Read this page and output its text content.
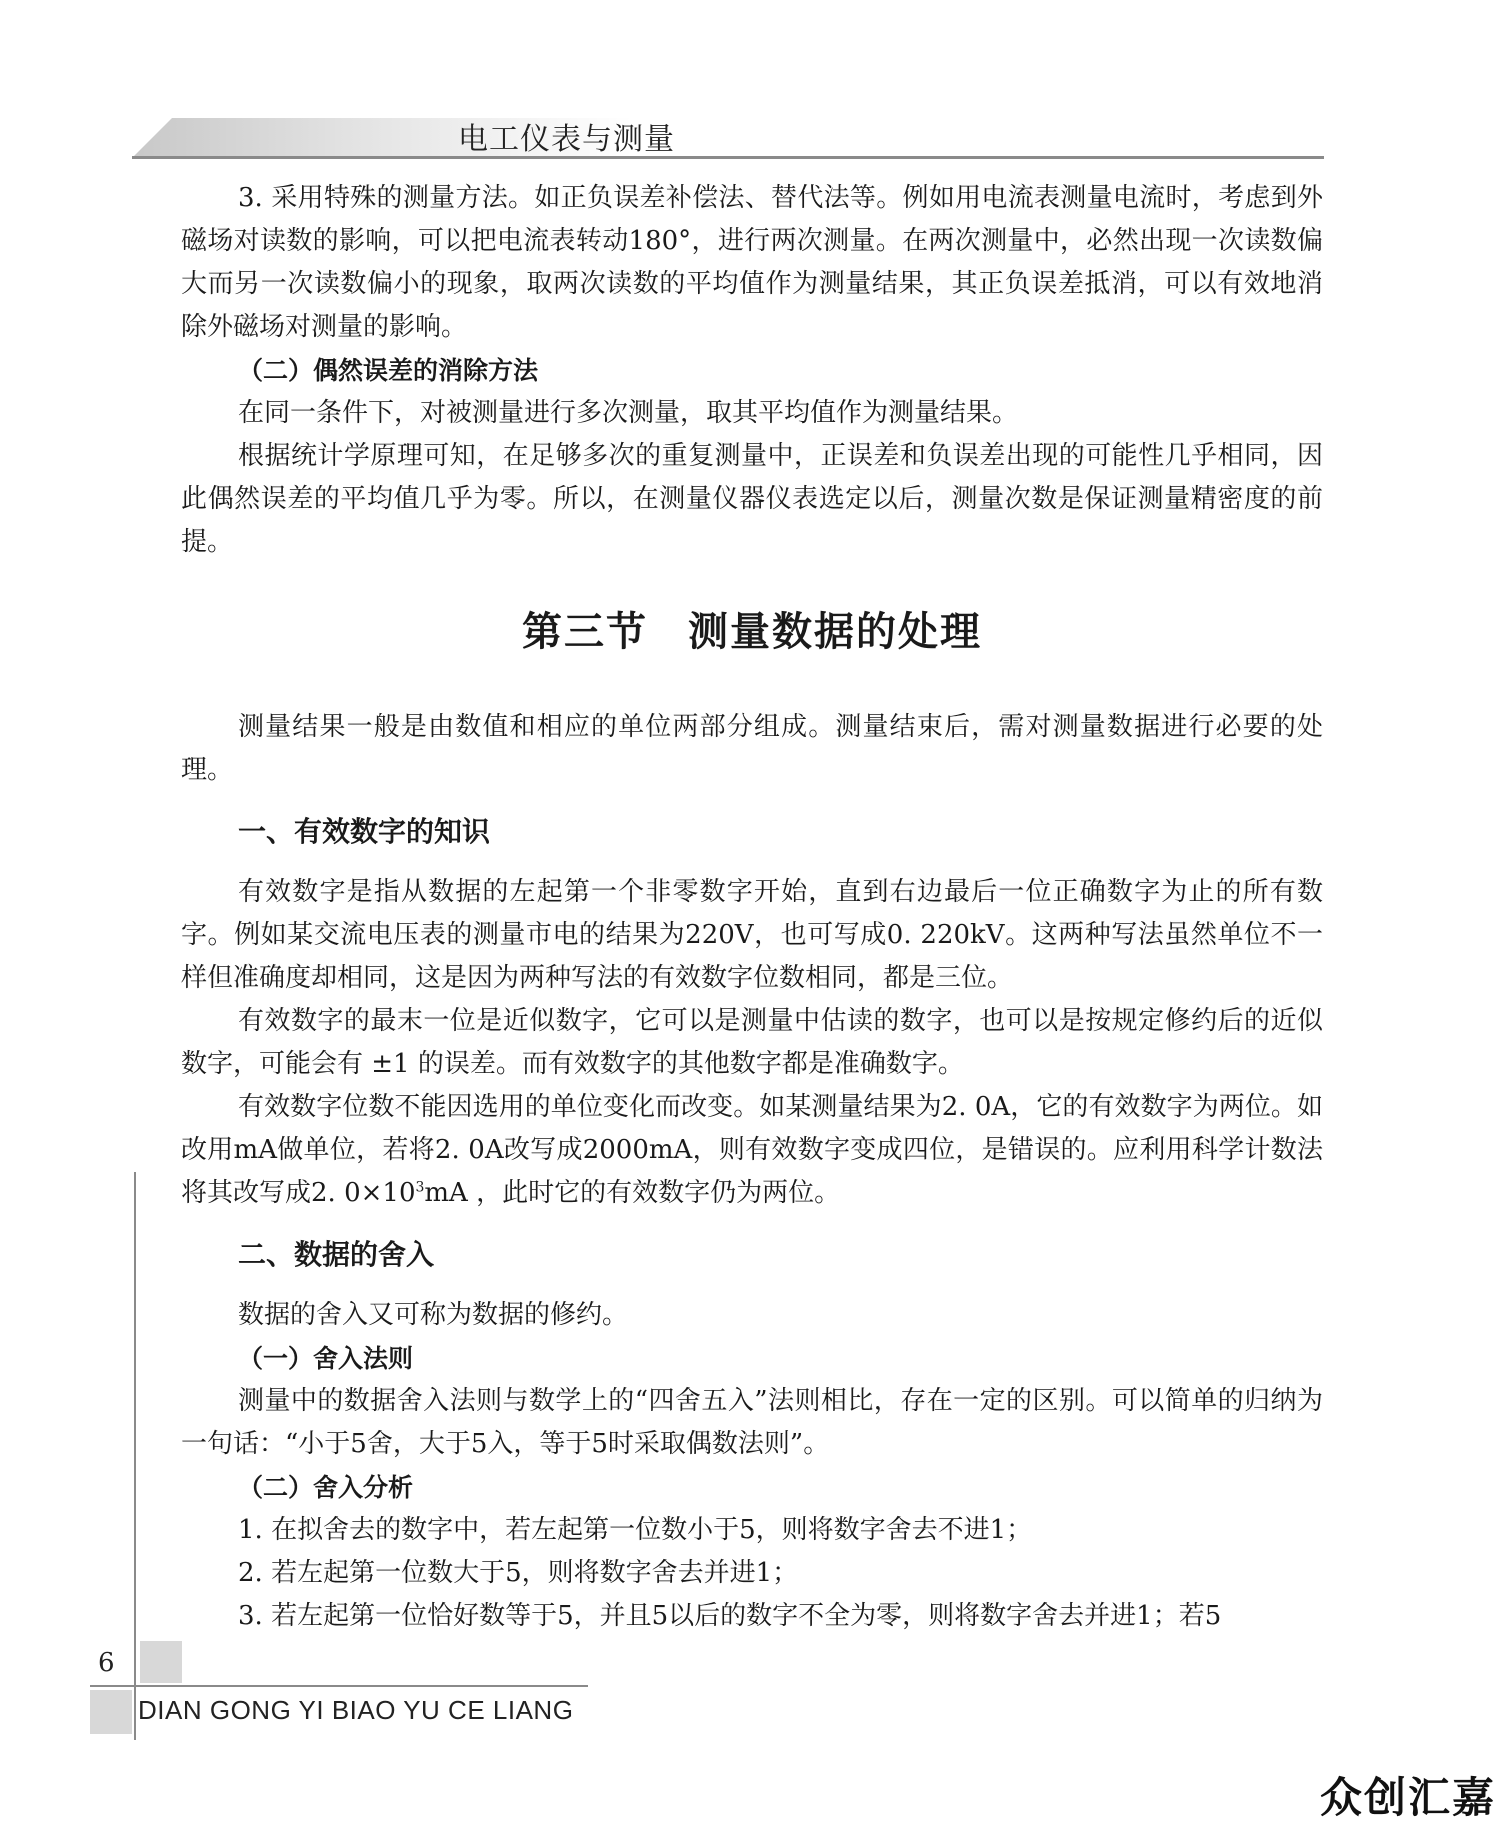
电工仪表与测量

3. 采用特殊的测量方法。如正负误差补偿法、替代法等。例如用电流表测量电流时，考虑到外磁场对读数的影响，可以把电流表转动180°，进行两次测量。在两次测量中，必然出现一次读数偏大而另一次读数偏小的现象，取两次读数的平均值作为测量结果，其正负误差抵消，可以有效地消除外磁场对测量的影响。

（二）偶然误差的消除方法

在同一条件下，对被测量进行多次测量，取其平均值作为测量结果。

根据统计学原理可知，在足够多次的重复测量中，正误差和负误差出现的可能性几乎相同，因此偶然误差的平均值几乎为零。所以，在测量仪器仪表选定以后，测量次数是保证测量精密度的前提。

第三节 测量数据的处理

测量结果一般是由数值和相应的单位两部分组成。测量结束后，需对测量数据进行必要的处理。

一、有效数字的知识

有效数字是指从数据的左起第一个非零数字开始，直到右边最后一位正确数字为止的所有数字。例如某交流电压表的测量市电的结果为220V，也可写成0. 220kV。这两种写法虽然单位不一样但准确度却相同，这是因为两种写法的有效数字位数相同，都是三位。

有效数字的最末一位是近似数字，它可以是测量中估读的数字，也可以是按规定修约后的近似数字，可能会有 ±1 的误差。而有效数字的其他数字都是准确数字。

有效数字位数不能因选用的单位变化而改变。如某测量结果为2. 0A，它的有效数字为两位。如改用mA做单位，若将2. 0A改写成2000mA，则有效数字变成四位，是错误的。应利用科学计数法将其改写成2. $0\times 10^3mA$ ，此时它的有效数字仍为两位。

二、数据的舍入

数据的舍入又可称为数据的修约。

（一）舍入法则

测量中的数据舍入法则与数学上的“四舍五入”法则相比，存在一定的区别。可以简单的归纳为一句话：“小于5舍，大于5入，等于5时采取偶数法则”。

（二）舍入分析

1. 在拟舍去的数字中，若左起第一位数小于5，则将数字舍去不进1；

2. 若左起第一位数大于5，则将数字舍去并进1；

3. 若左起第一位恰好数等于5，并且5以后的数字不全为零，则将数字舍去并进1；若5

6
DIAN GONG YI BIAO YU CE LIANG
众创汇嘉
